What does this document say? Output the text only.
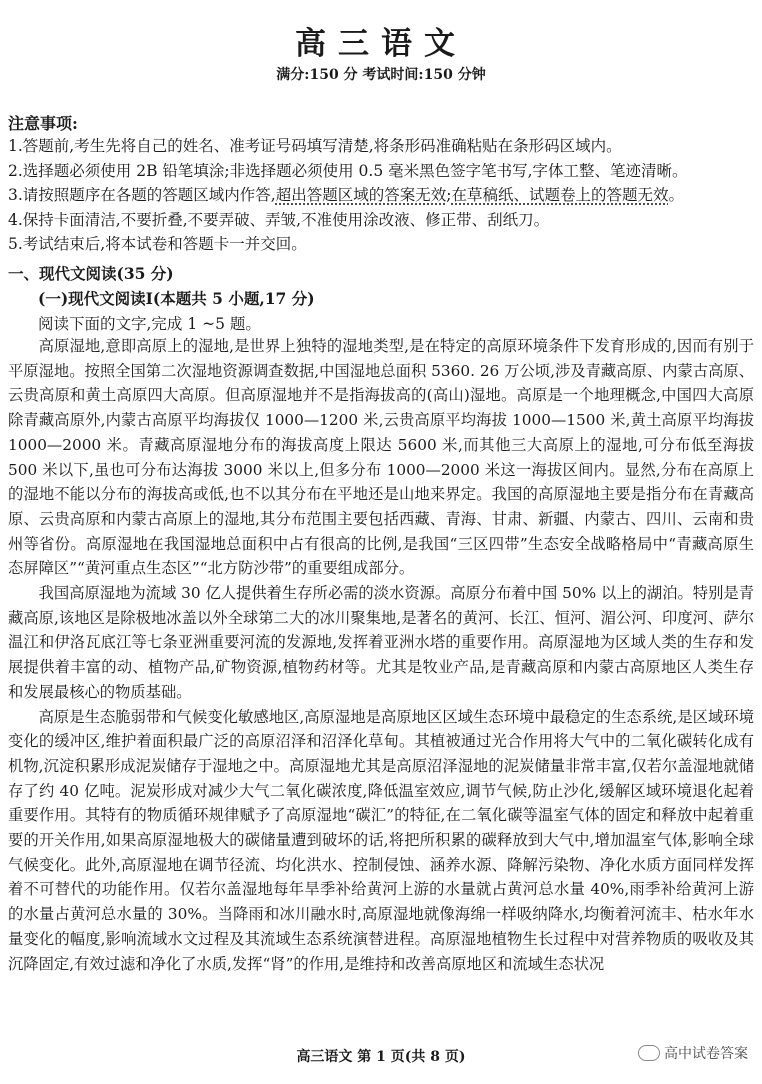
高三语文
满分:150 分 考试时间:150 分钟
注意事项:
1.答题前,考生先将自己的姓名、准考证号码填写清楚,将条形码准确粘贴在条形码区域内。
2.选择题必须使用 2B 铅笔填涂;非选择题必须使用 0.5 毫米黑色签字笔书写,字体工整、笔迹清晰。
3.请按照题序在各题的答题区域内作答,超出答题区域的答案无效;在草稿纸、试题卷上的答题无效。
4.保持卡面清洁,不要折叠,不要弄破、弄皱,不准使用涂改液、修正带、刮纸刀。
5.考试结束后,将本试卷和答题卡一并交回。
一、现代文阅读(35 分)
(一)现代文阅读Ⅰ(本题共 5 小题,17 分)
阅读下面的文字,完成 1 ~5 题。

高原湿地,意即高原上的湿地,是世界上独特的湿地类型,是在特定的高原环境条件下发育形成的,因而有别于平原湿地。按照全国第二次湿地资源调查数据,中国湿地总面积 5360. 26 万公顷,涉及青藏高原、内蒙古高原、云贵高原和黄土高原四大高原。但高原湿地并不是指海拔高的(高山)湿地。高原是一个地理概念,中国四大高原除青藏高原外,内蒙古高原平均海拔仅 1000—1200 米,云贵高原平均海拔 1000—1500 米,黄土高原平均海拔 1000—2000 米。青藏高原湿地分布的海拔高度上限达 5600 米,而其他三大高原上的湿地,可分布低至海拔 500 米以下,虽也可分布达海拔 3000 米以上,但多分布 1000—2000 米这一海拔区间内。显然,分布在高原上的湿地不能以分布的海拔高或低,也不以其分布在平地还是山地来界定。我国的高原湿地主要是指分布在青藏高原、云贵高原和内蒙古高原上的湿地,其分布范围主要包括西藏、青海、甘肃、新疆、内蒙古、四川、云南和贵州等省份。高原湿地在我国湿地总面积中占有很高的比例,是我国“三区四带”生态安全战略格局中“青藏高原生态屏障区”“黄河重点生态区”“北方防沙带”的重要组成部分。

我国高原湿地为流域 30 亿人提供着生存所必需的淡水资源。高原分布着中国 50% 以上的湖泊。特别是青藏高原,该地区是除极地冰盖以外全球第二大的冰川聚集地,是著名的黄河、长江、恒河、湄公河、印度河、萨尔温江和伊洛瓦底江等七条亚洲重要河流的发源地,发挥着亚洲水塔的重要作用。高原湿地为区域人类的生存和发展提供着丰富的动、植物产品,矿物资源,植物药材等。尤其是牧业产品,是青藏高原和内蒙古高原地区人类生存和发展最核心的物质基础。

高原是生态脆弱带和气候变化敏感地区,高原湿地是高原地区区域生态环境中最稳定的生态系统,是区域环境变化的缓冲区,维护着面积最广泛的高原沼泽和沼泽化草甸。其植被通过光合作用将大气中的二氧化碳转化成有机物,沉淀积累形成泥炭储存于湿地之中。高原湿地尤其是高原沼泽湿地的泥炭储量非常丰富,仅若尔盖湿地就储存了约 40 亿吨。泥炭形成对减少大气二氧化碳浓度,降低温室效应,调节气候,防止沙化,缓解区域环境退化起着重要作用。其特有的物质循环规律赋予了高原湿地“碳汇”的特征,在二氧化碳等温室气体的固定和释放中起着重要的开关作用,如果高原湿地极大的碳储量遭到破坏的话,将把所积累的碳释放到大气中,增加温室气体,影响全球气候变化。此外,高原湿地在调节径流、均化洪水、控制侵蚀、涵养水源、降解污染物、净化水质方面同样发挥着不可替代的功能作用。仅若尔盖湿地每年旱季补给黄河上游的水量就占黄河总水量 40%,雨季补给黄河上游的水量占黄河总水量的 30%。当降雨和冰川融水时,高原湿地就像海绵一样吸纳降水,均衡着河流丰、枯水年水量变化的幅度,影响流域水文过程及其流域生态系统演替进程。高原湿地植物生长过程中对营养物质的吸收及其沉降固定,有效过滤和净化了水质,发挥“肾”的作用,是维持和改善高原地区和流域生态状况

高三语文 第 1 页(共 8 页)	高中试卷答案
